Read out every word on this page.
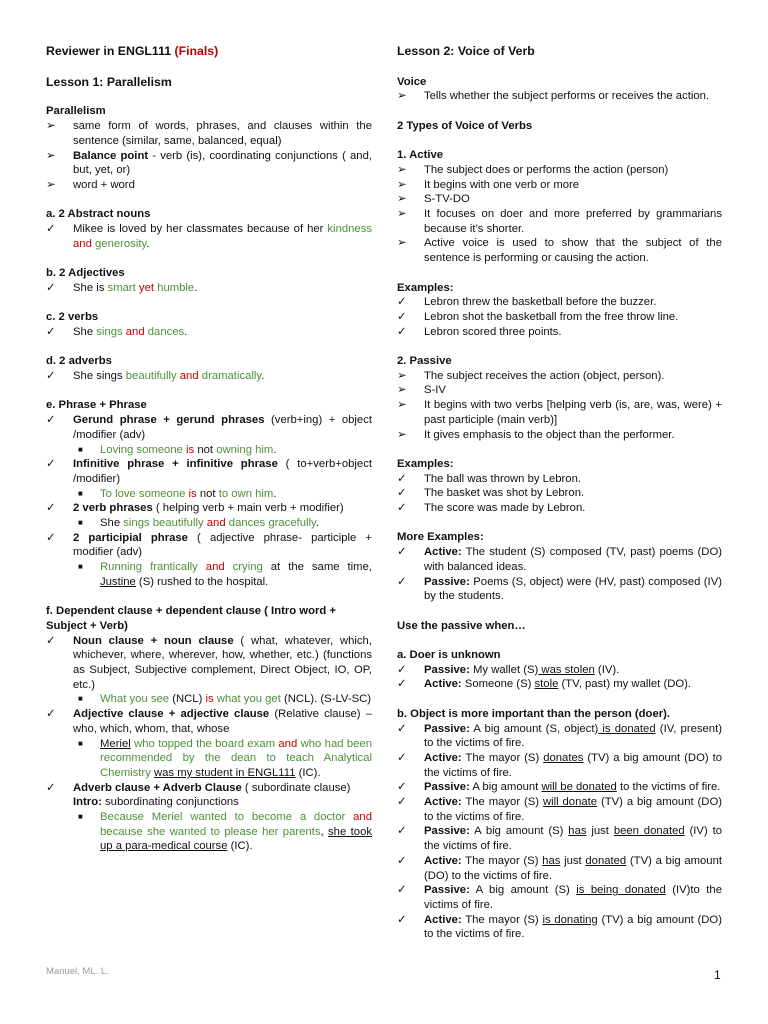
Reviewer in ENGL111 (Finals)
Lesson 1: Parallelism
Parallelism
➢	same form of words, phrases, and clauses within the sentence (similar, same, balanced, equal)
➢	Balance point - verb (is), coordinating conjunctions ( and, but, yet, or)
➢	word + word
a. 2 Abstract nouns
✓	Mikee is loved by her classmates because of her kindness and generosity.
b. 2 Adjectives
✓	She is smart yet humble.
c. 2 verbs
✓	She sings and dances.
d. 2 adverbs
✓	She sings beautifully and dramatically.
e. Phrase + Phrase
✓	Gerund phrase + gerund phrases (verb+ing) + object /modifier (adv)
■ Loving someone is not owning him.
✓	Infinitive phrase + infinitive phrase ( to+verb+object /modifier)
■ To love someone is not to own him.
✓	2 verb phrases ( helping verb + main verb + modifier)
■ She sings beautifully and dances gracefully.
✓	2 participial phrase ( adjective phrase- participle + modifier (adv)
■ Running frantically and crying at the same time, Justine (S) rushed to the hospital.
f. Dependent clause + dependent clause ( Intro word + Subject + Verb)
✓	Noun clause + noun clause ( what, whatever, which, whichever, where, wherever, how, whether, etc.) (functions as Subject, Subjective complement, Direct Object, IO, OP, etc.)
■ What you see (NCL) is what you get (NCL). (S-LV-SC)
✓	Adjective clause + adjective clause (Relative clause) – who, which, whom, that, whose
■ Meriel who topped the board exam and who had been recommended by the dean to teach Analytical Chemistry was my student in ENGL111 (IC).
✓	Adverb clause + Adverb Clause ( subordinate clause)
Intro: subordinating conjunctions
■ Because Meriel wanted to become a doctor and because she wanted to please her parents, she took up a para-medical course (IC).
Lesson 2: Voice of Verb
Voice
➢	Tells whether the subject performs or receives the action.
2 Types of Voice of Verbs
1. Active
➢	The subject does or performs the action (person)
➢	It begins with one verb or more
➢	S-TV-DO
➢	It focuses on doer and more preferred by grammarians because it’s shorter.
➢	Active voice is used to show that the subject of the sentence is performing or causing the action.
Examples:
✓	Lebron threw the basketball before the buzzer.
✓	Lebron shot the basketball from the free throw line.
✓	Lebron scored three points.
2. Passive
➢	The subject receives the action (object, person).
➢	S-IV
➢	It begins with two verbs [helping verb (is, are, was, were) + past participle (main verb)]
➢	It gives emphasis to the object than the performer.
Examples:
✓	The ball was thrown by Lebron.
✓	The basket was shot by Lebron.
✓	The score was made by Lebron.
More Examples:
✓	Active: The student (S) composed (TV, past) poems (DO) with balanced ideas.
✓	Passive: Poems (S, object) were (HV, past) composed (IV) by the students.
Use the passive when…
a. Doer is unknown
✓	Passive: My wallet (S) was stolen (IV).
✓	Active: Someone (S) stole (TV, past) my wallet (DO).
b. Object is more important than the person (doer).
✓	Passive: A big amount (S, object) is donated (IV, present) to the victims of fire.
✓	Active: The mayor (S) donates (TV) a big amount (DO) to the victims of fire.
✓	Passive: A big amount will be donated to the victims of fire.
✓	Active: The mayor (S) will donate (TV) a big amount (DO) to the victims of fire.
✓	Passive: A big amount (S) has just been donated (IV) to the victims of fire.
✓	Active: The mayor (S) has just donated (TV) a big amount (DO) to the victims of fire.
✓	Passive: A big amount (S) is being donated (IV)to the victims of fire.
✓	Active: The mayor (S) is donating (TV) a big amount (DO) to the victims of fire.
Manuel, ML. L.	1
